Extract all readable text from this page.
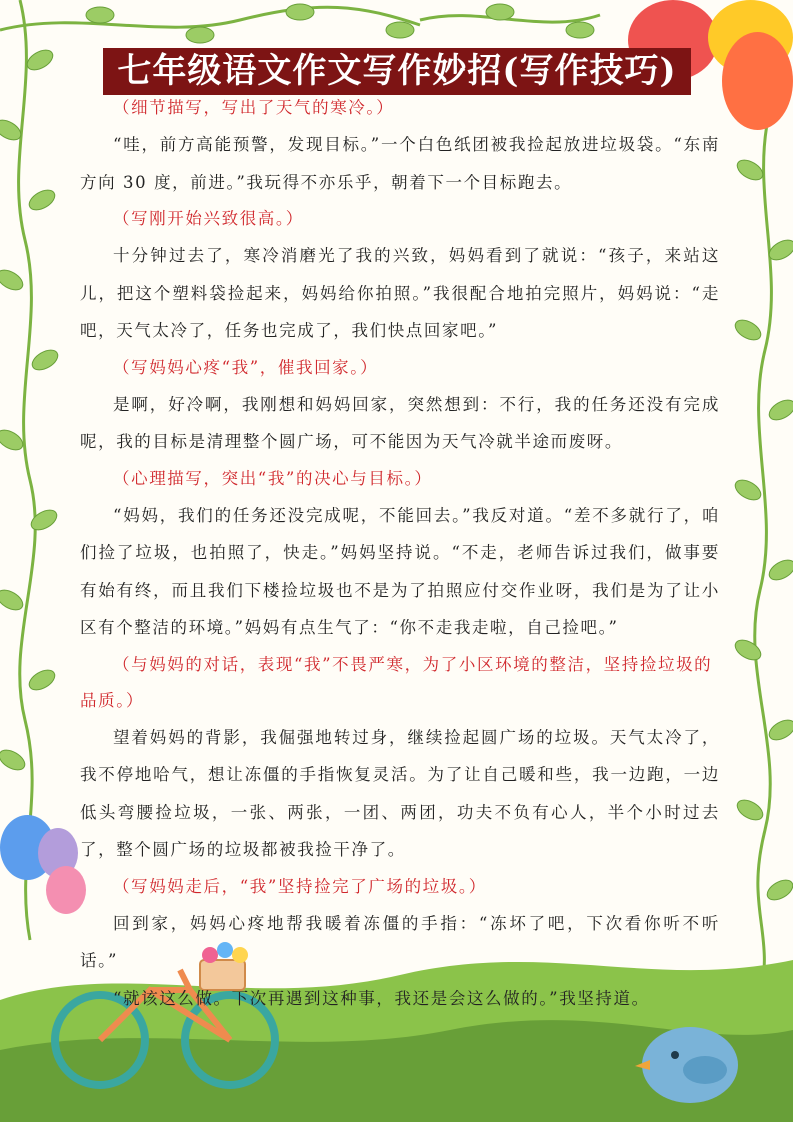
七年级语文作文写作妙招(写作技巧)

（细节描写，写出了天气的寒冷。）

“哇，前方高能预警，发现目标。”一个白色纸团被我捡起放进垃圾袋。“东南方向 30 度，前进。”我玩得不亦乐乎，朝着下一个目标跑去。

（写刚开始兴致很高。）

十分钟过去了，寒冷消磨光了我的兴致，妈妈看到了就说：“孩子，来站这儿，把这个塑料袋捡起来，妈妈给你拍照。”我很配合地拍完照片，妈妈说：“走吧，天气太冷了，任务也完成了，我们快点回家吧。”

（写妈妈心疼“我”，催我回家。）

是啊，好冷啊，我刚想和妈妈回家，突然想到：不行，我的任务还没有完成呢，我的目标是清理整个圆广场，可不能因为天气冷就半途而废呀。

（心理描写，突出“我”的决心与目标。）

“妈妈，我们的任务还没完成呢，不能回去。”我反对道。“差不多就行了，咱们捡了垃圾，也拍照了，快走。”妈妈坚持说。“不走，老师告诉过我们，做事要有始有终，而且我们下楼捡垃圾也不是为了拍照应付交作业呀，我们是为了让小区有个整洁的环境。”妈妈有点生气了：“你不走我走啦，自己捡吧。”

（与妈妈的对话，表现“我”不畏严寒，为了小区环境的整洁，坚持捡垃圾的品质。）

望着妈妈的背影，我倔强地转过身，继续捡起圆广场的垃圾。天气太冷了，我不停地哈气，想让冻僵的手指恢复灵活。为了让自己暖和些，我一边跑，一边低头弯腰捡垃圾，一张、两张，一团、两团，功夫不负有心人，半个小时过去了，整个圆广场的垃圾都被我捡干净了。

（写妈妈走后，“我”坚持捡完了广场的垃圾。）

回到家，妈妈心疼地帮我暖着冻僵的手指：“冻坏了吧，下次看你听不听话。”

“就该这么做。下次再遇到这种事，我还是会这么做的。”我坚持道。
